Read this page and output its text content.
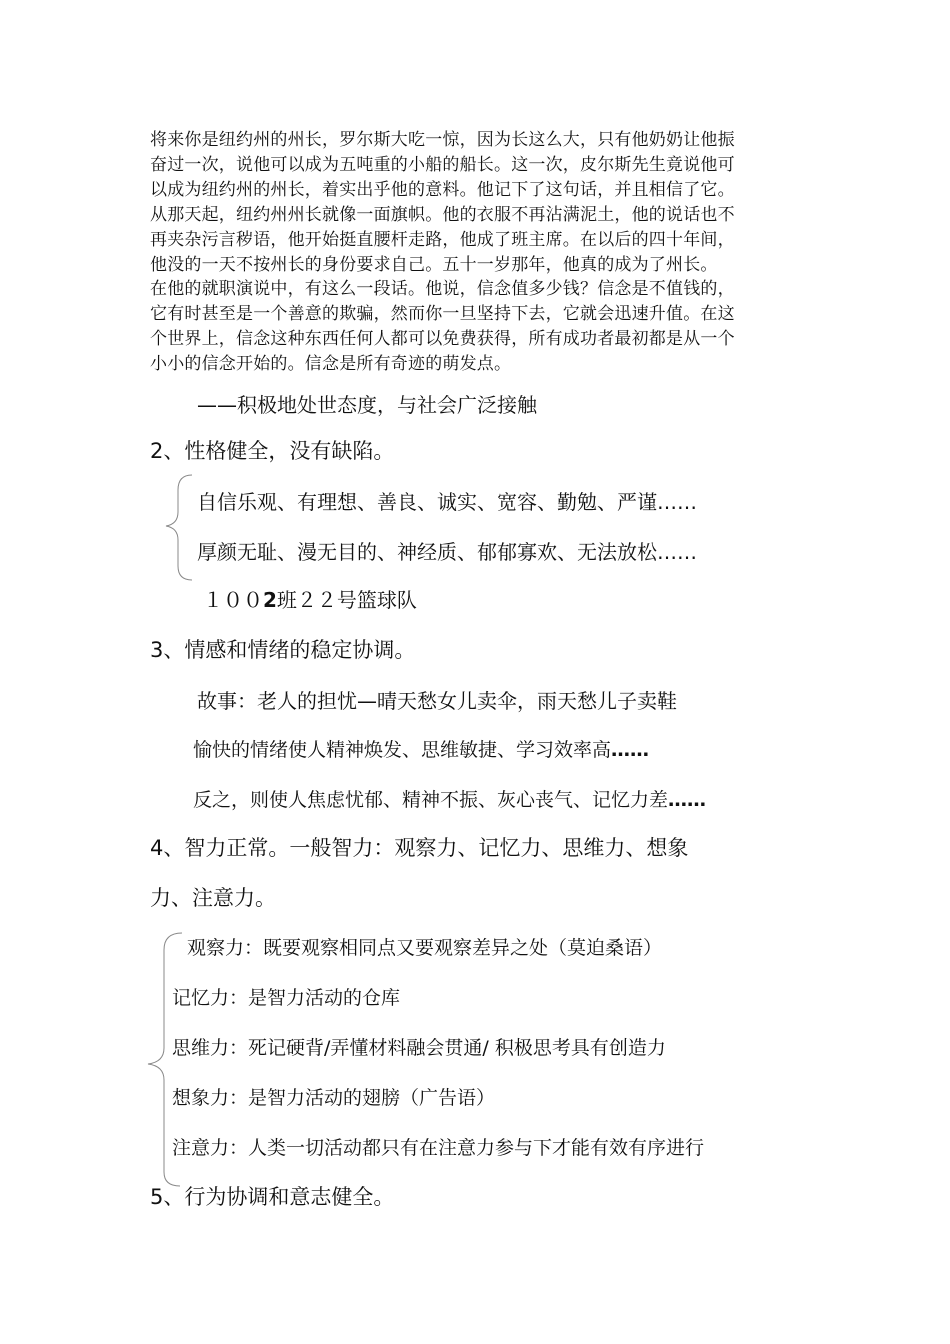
将来你是纽约州的州长，罗尔斯大吃一惊，因为长这么大，只有他奶奶让他振
奋过一次，说他可以成为五吨重的小船的船长。这一次，皮尔斯先生竟说他可
以成为纽约州的州长，着实出乎他的意料。他记下了这句话，并且相信了它。
从那天起，纽约州州长就像一面旗帜。他的衣服不再沾满泥土，他的说话也不
再夹杂污言秽语，他开始挺直腰杆走路，他成了班主席。在以后的四十年间，
他没的一天不按州长的身份要求自己。五十一岁那年，他真的成为了州长。
在他的就职演说中，有这么一段话。他说，信念值多少钱？信念是不值钱的，
它有时甚至是一个善意的欺骗，然而你一旦坚持下去，它就会迅速升值。在这
个世界上，信念这种东西任何人都可以免费获得，所有成功者最初都是从一个
小小的信念开始的。信念是所有奇迹的萌发点。
——积极地处世态度，与社会广泛接触
2、性格健全，没有缺陷。
自信乐观、有理想、善良、诚实、宽容、勤勉、严谨……
厚颜无耻、漫无目的、神经质、郁郁寡欢、无法放松……
１００2班２２号篮球队
3、情感和情绪的稳定协调。
故事：老人的担忧—晴天愁女儿卖伞，雨天愁儿子卖鞋
愉快的情绪使人精神焕发、思维敏捷、学习效率高……
反之，则使人焦虑忧郁、精神不振、灰心丧气、记忆力差……
4、智力正常。一般智力：观察力、记忆力、思维力、想象
力、注意力。
观察力：既要观察相同点又要观察差异之处（莫迫桑语）
记忆力：是智力活动的仓库
思维力：死记硬背/弄懂材料融会贯通/ 积极思考具有创造力
想象力：是智力活动的翅膀（广告语）
注意力：人类一切活动都只有在注意力参与下才能有效有序进行
5、行为协调和意志健全。
